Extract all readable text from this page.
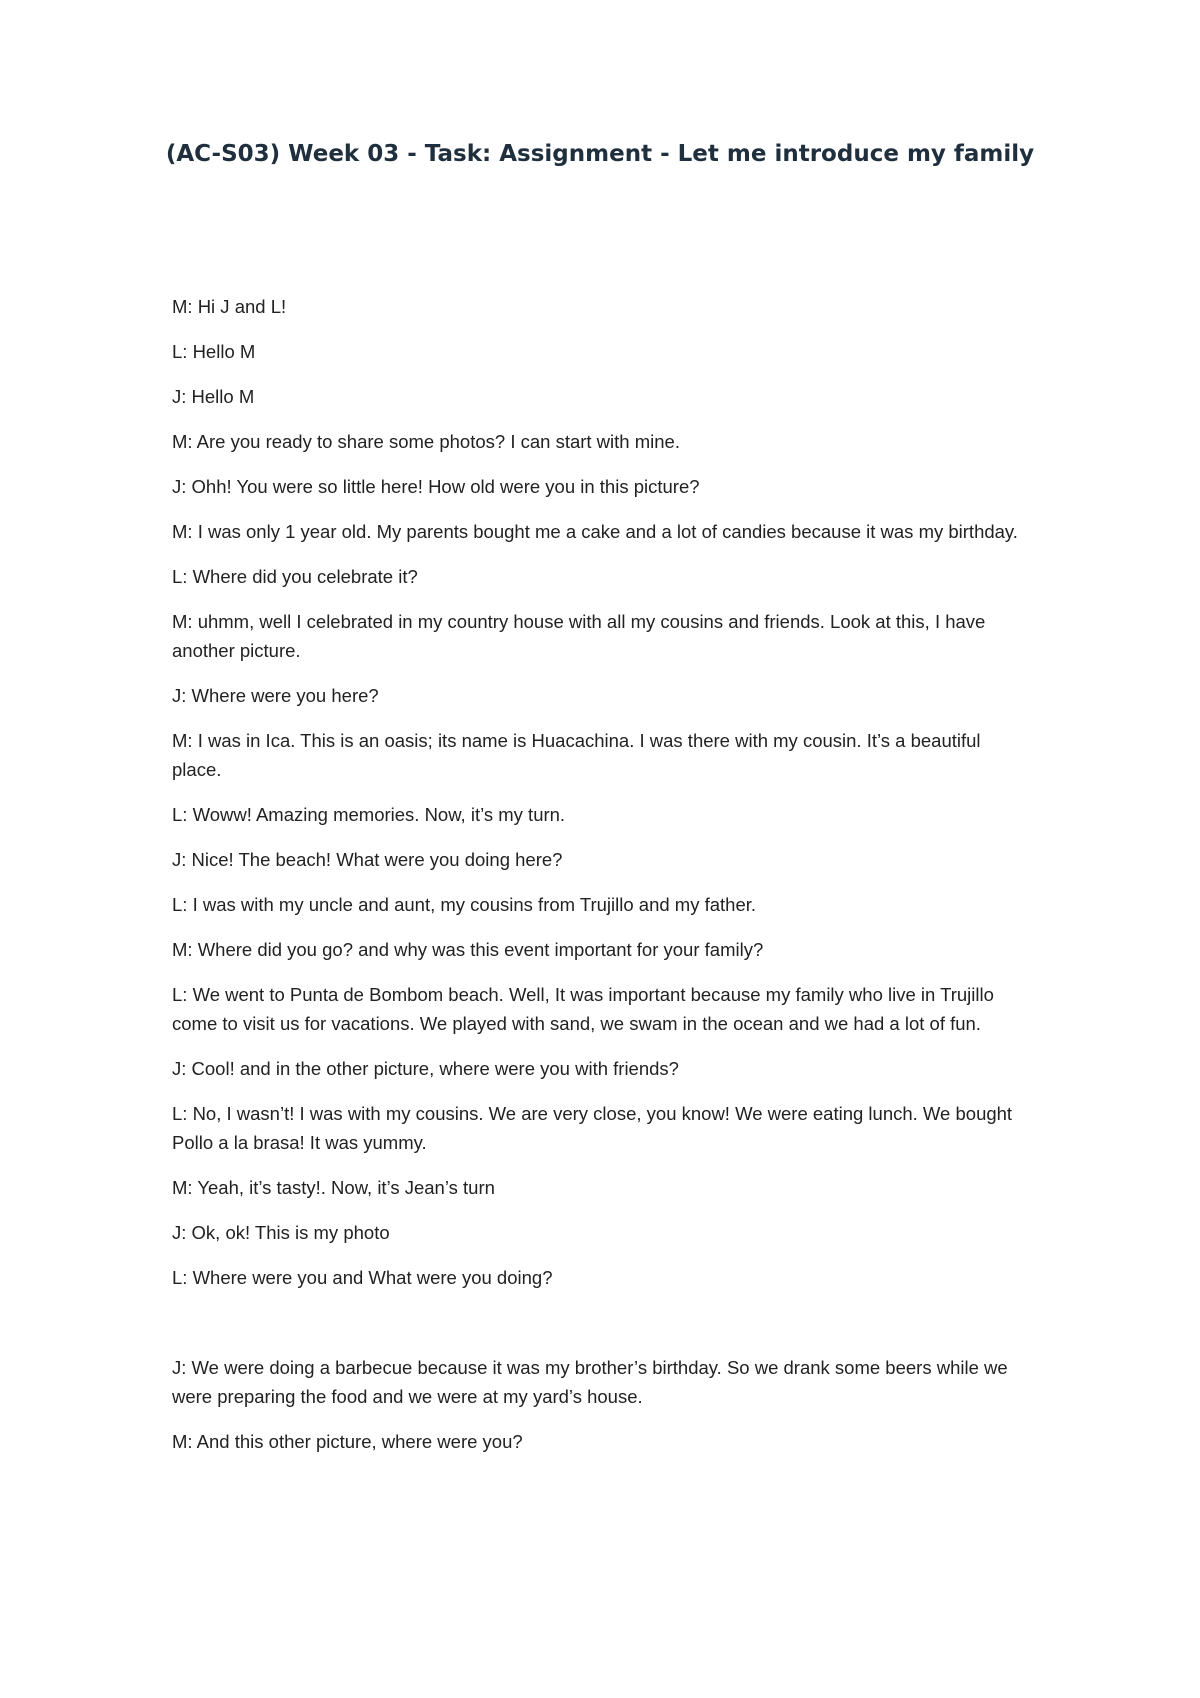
(AC-S03) Week 03 - Task: Assignment - Let me introduce my family
M: Hi J and L!
L: Hello M
J: Hello M
M: Are you ready to share some photos? I can start with mine.
J: Ohh! You were so little here! How old were you in this picture?
M: I was only 1 year old. My parents bought me a cake and a lot of candies because it was my birthday.
L: Where did you celebrate it?
M: uhmm, well I celebrated in my country house with all my cousins and friends. Look at this, I have another picture.
J: Where were you here?
M: I was in Ica. This is an oasis; its name is Huacachina. I was there with my cousin. It’s a beautiful place.
L: Woww! Amazing memories. Now, it’s my turn.
J: Nice! The beach! What were you doing here?
L: I was with my uncle and aunt, my cousins from Trujillo and my father.
M: Where did you go? and why was this event important for your family?
L: We went to Punta de Bombom beach. Well, It was important because my family who live in Trujillo come to visit us for vacations. We played with sand, we swam in the ocean and we had a lot of fun.
J: Cool! and in the other picture, where were you with friends?
L: No, I wasn’t! I was with my cousins. We are very close, you know! We were eating lunch. We bought Pollo a la brasa! It was yummy.
M: Yeah, it’s tasty!. Now, it’s Jean’s turn
J: Ok, ok! This is my photo
L: Where were you and What were you doing?
J: We were doing a barbecue because it was my brother’s birthday. So we drank some beers while we were preparing the food and we were at my yard’s house.
M: And this other picture, where were you?
